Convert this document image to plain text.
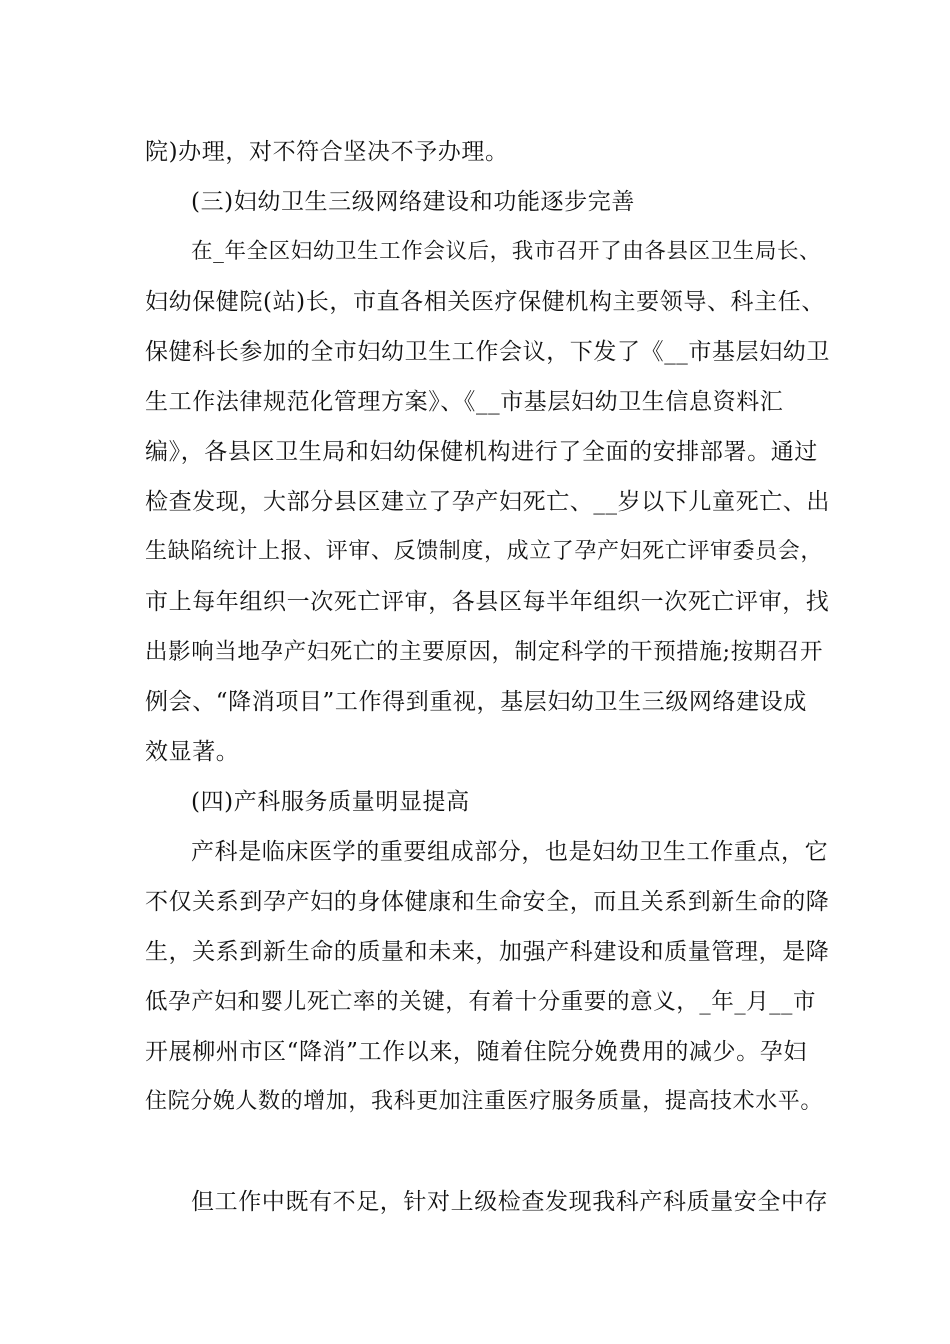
院)办理，对不符合坚决不予办理。
(三)妇幼卫生三级网络建设和功能逐步完善
在_年全区妇幼卫生工作会议后，我市召开了由各县区卫生局长、
妇幼保健院(站)长，市直各相关医疗保健机构主要领导、科主任、
保健科长参加的全市妇幼卫生工作会议，下发了《__市基层妇幼卫
生工作法律规范化管理方案》、《__市基层妇幼卫生信息资料汇
编》，各县区卫生局和妇幼保健机构进行了全面的安排部署。通过
检查发现，大部分县区建立了孕产妇死亡、__岁以下儿童死亡、出
生缺陷统计上报、评审、反馈制度，成立了孕产妇死亡评审委员会，
市上每年组织一次死亡评审，各县区每半年组织一次死亡评审，找
出影响当地孕产妇死亡的主要原因，制定科学的干预措施;按期召开
例会、“降消项目”工作得到重视，基层妇幼卫生三级网络建设成
效显著。
(四)产科服务质量明显提高
产科是临床医学的重要组成部分，也是妇幼卫生工作重点，它
不仅关系到孕产妇的身体健康和生命安全，而且关系到新生命的降
生，关系到新生命的质量和未来，加强产科建设和质量管理，是降
低孕产妇和婴儿死亡率的关键，有着十分重要的意义，_年_月__市
开展柳州市区“降消”工作以来，随着住院分娩费用的减少。孕妇
住院分娩人数的增加，我科更加注重医疗服务质量，提高技术水平。
但工作中既有不足，针对上级检查发现我科产科质量安全中存
